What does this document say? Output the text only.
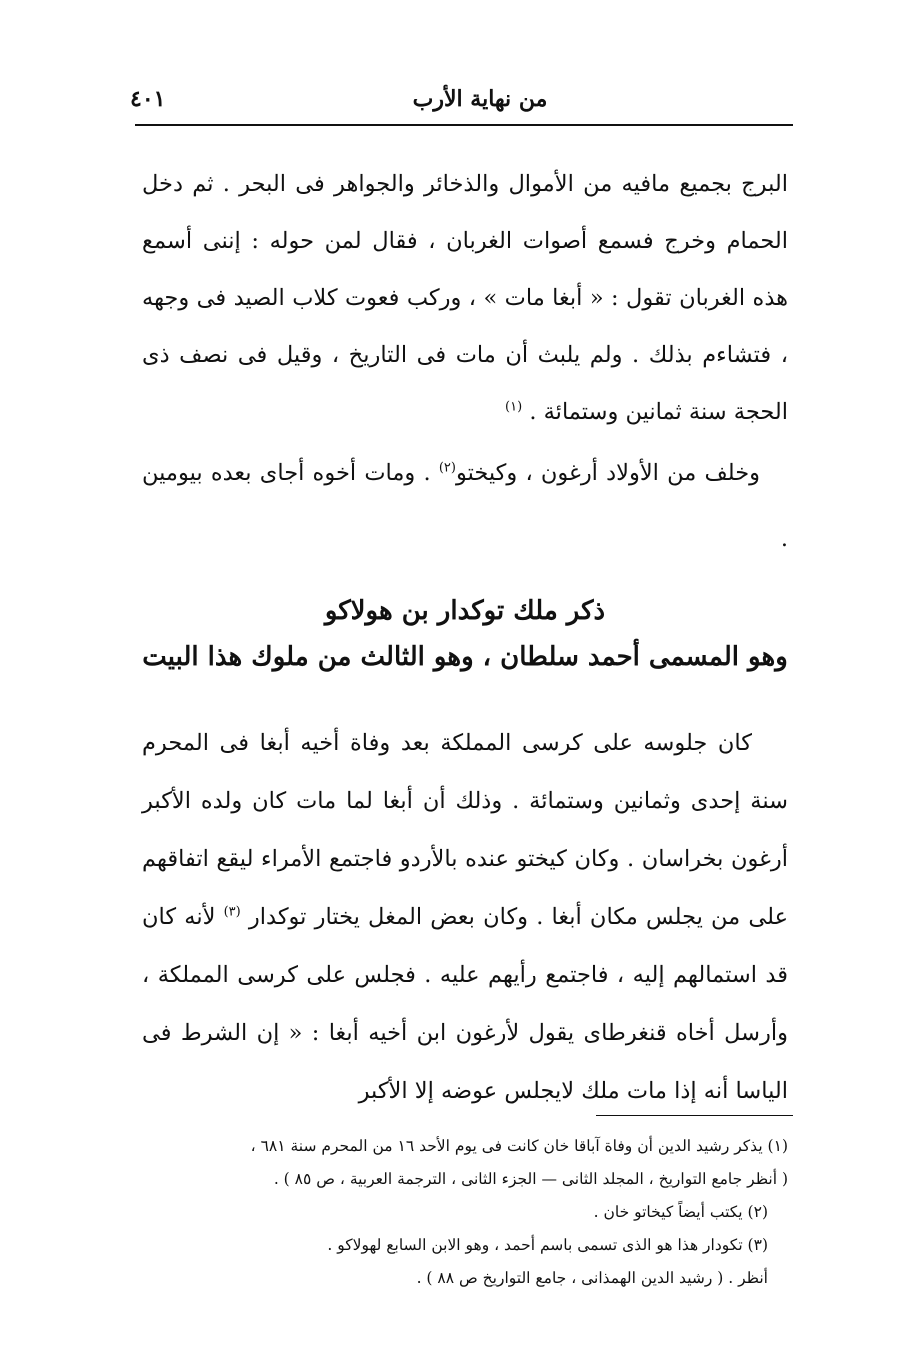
٤٠١	من نهاية الأرب

البرج بجميع مافيه من الأموال والذخائر والجواهر فى البحر . ثم دخل الحمام وخرج فسمع أصوات الغربان ، فقال لمن حوله : إننى أسمع هذه الغربان تقول : « أبغا مات » ، وركب فعوت كلاب الصيد فى وجهه ، فتشاءم بذلك . ولم يلبث أن مات فى التاريخ ، وقيل فى نصف ذى الحجة سنة ثمانين وستمائة . $^{(١)}$

وخلف من الأولاد أرغون ، وكيختو$^{(٢)}$ . ومات أخوه أجاى بعده بيومين .

ذكر ملك توكدار بن هولاكو
وهو المسمى أحمد سلطان ، وهو الثالث من ملوك هذا البيت

كان جلوسه على كرسى المملكة بعد وفاة أخيه أبغا فى المحرم سنة إحدى وثمانين وستمائة . وذلك أن أبغا لما مات كان ولده الأكبر أرغون بخراسان . وكان كيختو عنده بالأردو فاجتمع الأمراء ليقع اتفاقهم على من يجلس مكان أبغا . وكان بعض المغل يختار توكدار $^{(٣)}$ لأنه كان قد استمالهم إليه ، فاجتمع رأيهم عليه . فجلس على كرسى المملكة ، وأرسل أخاه قنغرطاى يقول لأرغون ابن أخيه أبغا : « إن الشرط فى الياسا أنه إذا مات ملك لايجلس عوضه إلا الأكبر

(١) يذكر رشيد الدين أن وفاة آباقا خان كانت فى يوم الأحد ١٦ من المحرم سنة ٦٨١ ،

( أنظر جامع التواريخ ، المجلد الثانى — الجزء الثانى ، الترجمة العربية ، ص ٨٥ ) .

(٢) يكتب أيضاً كيخاتو خان .

(٣) تكودار هذا هو الذى تسمى باسم أحمد ، وهو الابن السابع لهولاكو .

أنظر . ( رشيد الدين الهمذانى ، جامع التواريخ ص ٨٨ ) .
